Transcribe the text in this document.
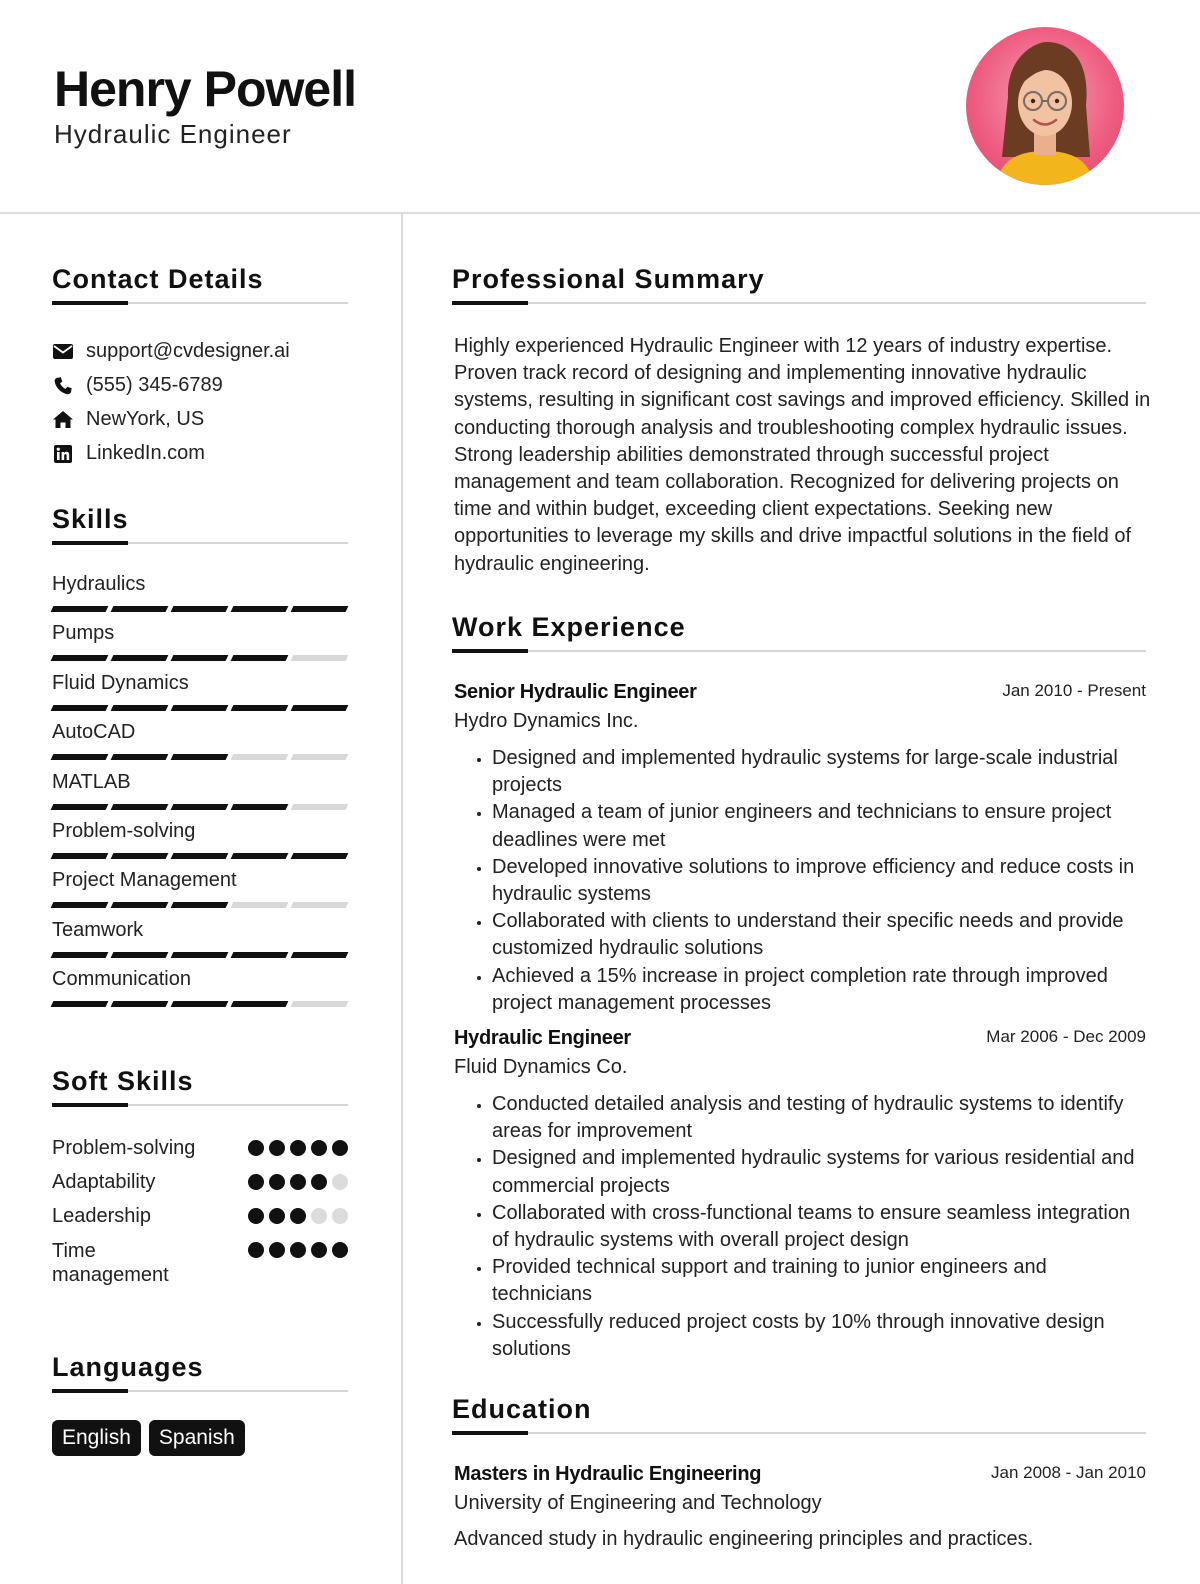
Henry Powell
Hydraulic Engineer
Contact Details
support@cvdesigner.ai
(555) 345-6789
NewYork, US
LinkedIn.com
Skills
Hydraulics
Pumps
Fluid Dynamics
AutoCAD
MATLAB
Problem-solving
Project Management
Teamwork
Communication
Soft Skills
Problem-solving
Adaptability
Leadership
Time management
Languages
English	Spanish
Professional Summary

Highly experienced Hydraulic Engineer with 12 years of industry expertise. Proven track record of designing and implementing innovative hydraulic systems, resulting in significant cost savings and improved efficiency. Skilled in conducting thorough analysis and troubleshooting complex hydraulic issues. Strong leadership abilities demonstrated through successful project management and team collaboration. Recognized for delivering projects on time and within budget, exceeding client expectations. Seeking new opportunities to leverage my skills and drive impactful solutions in the field of hydraulic engineering.

Work Experience
Senior Hydraulic Engineer	Jan 2010 - Present
Hydro Dynamics Inc.
• Designed and implemented hydraulic systems for large-scale industrial projects
• Managed a team of junior engineers and technicians to ensure project deadlines were met
• Developed innovative solutions to improve efficiency and reduce costs in hydraulic systems
• Collaborated with clients to understand their specific needs and provide customized hydraulic solutions
• Achieved a 15% increase in project completion rate through improved project management processes
Hydraulic Engineer	Mar 2006 - Dec 2009
Fluid Dynamics Co.
• Conducted detailed analysis and testing of hydraulic systems to identify areas for improvement
• Designed and implemented hydraulic systems for various residential and commercial projects
• Collaborated with cross-functional teams to ensure seamless integration of hydraulic systems with overall project design
• Provided technical support and training to junior engineers and technicians
• Successfully reduced project costs by 10% through innovative design solutions
Education
Masters in Hydraulic Engineering	Jan 2008 - Jan 2010
University of Engineering and Technology
Advanced study in hydraulic engineering principles and practices.
